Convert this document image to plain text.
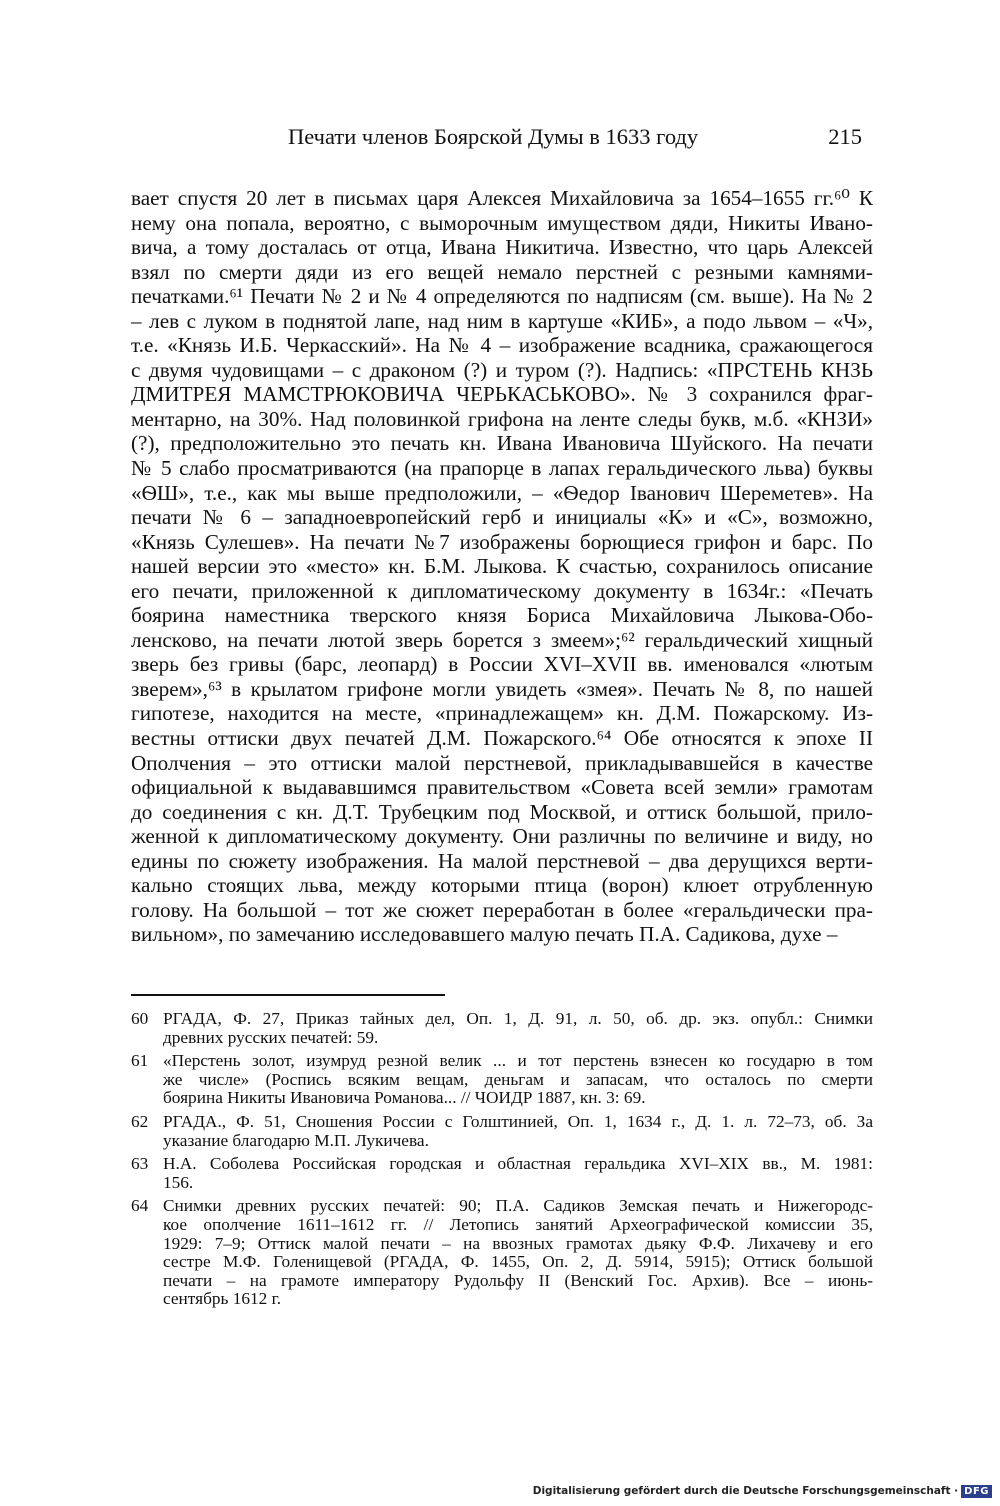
Печати членов Боярской Думы в 1633 году	215
вает спустя 20 лет в письмах царя Алексея Михайловича за 1654–1655 гг.⁶⁰ К
нему она попала, вероятно, с выморочным имуществом дяди, Никиты Ивано-
вича, а тому досталась от отца, Ивана Никитича. Известно, что царь Алексей
взял по смерти дяди из его вещей немало перстней с резными камнями-
печатками.⁶¹ Печати № 2 и № 4 определяются по надписям (см. выше). На № 2
– лев с луком в поднятой лапе, над ним в картуше «КИБ», а подо львом – «Ч»,
т.е. «Князь И.Б. Черкасский». На № 4 – изображение всадника, сражающегося
с двумя чудовищами – с драконом (?) и туром (?). Надпись: «ПРСТЕНЬ КНЗЬ
ДМИТРЕЯ МАМСТРЮКОВИЧА ЧЕРЬКАСЬКОВО». № 3 сохранился фраг-
ментарно, на 30%. Над половинкой грифона на ленте следы букв, м.б. «КНЗИ»
(?), предположительно это печать кн. Ивана Ивановича Шуйского. На печати
№ 5 слабо просматриваются (на прапорце в лапах геральдического льва) буквы
«ѲШ», т.е., как мы выше предположили, – «Ѳедор Іванович Шереметев». На
печати № 6 – западноевропейский герб и инициалы «К» и «С», возможно,
«Князь Сулешев». На печати №7 изображены борющиеся грифон и барс. По
нашей версии это «место» кн. Б.М. Лыкова. К счастью, сохранилось описание
его печати, приложенной к дипломатическому документу в 1634г.: «Печать
боярина наместника тверского князя Бориса Михайловича Лыкова-Обо-
ленсково, на печати лютой зверь борется з змеем»;⁶² геральдический хищный
зверь без гривы (барс, леопард) в России XVI–XVII вв. именовался «лютым
зверем»,⁶³ в крылатом грифоне могли увидеть «змея». Печать № 8, по нашей
гипотезе, находится на месте, «принадлежащем» кн. Д.М. Пожарскому. Из-
вестны оттиски двух печатей Д.М. Пожарского.⁶⁴ Обе относятся к эпохе II
Ополчения – это оттиски малой перстневой, прикладывавшейся в качестве
официальной к выдававшимся правительством «Совета всей земли» грамотам
до соединения с кн. Д.Т. Трубецким под Москвой, и оттиск большой, прило-
женной к дипломатическому документу. Они различны по величине и виду, но
едины по сюжету изображения. На малой перстневой – два дерущихся верти-
кально стоящих льва, между которыми птица (ворон) клюет отрубленную
голову. На большой – тот же сюжет переработан в более «геральдически пра-
вильном», по замечанию исследовавшего малую печать П.А. Садикова, духе –
60 РГАДА, Ф. 27, Приказ тайных дел, Оп. 1, Д. 91, л. 50, об. др. экз. опубл.: Снимки
древних русских печатей: 59.
61 «Перстень золот, изумруд резной велик ... и тот перстень взнесен ко государю в том
же числе» (Роспись всяким вещам, деньгам и запасам, что осталось по смерти
боярина Никиты Ивановича Романова... // ЧОИДР 1887, кн. 3: 69.
62 РГАДА., Ф. 51, Сношения России с Голштинией, Оп. 1, 1634 г., Д. 1. л. 72–73, об. За
указание благодарю М.П. Лукичева.
63 Н.А. Соболева Российская городская и областная геральдика XVI–XIX вв., М. 1981:
156.
64 Снимки древних русских печатей: 90; П.А. Садиков Земская печать и Нижегородс-
кое ополчение 1611–1612 гг. // Летопись занятий Археографической комиссии 35,
1929: 7–9; Оттиск малой печати – на ввозных грамотах дьяку Ф.Ф. Лихачеву и его
сестре М.Ф. Голенищевой (РГАДА, Ф. 1455, Оп. 2, Д. 5914, 5915); Оттиск большой
печати – на грамоте императору Рудольфу II (Венский Гос. Архив). Все – июнь-
сентябрь 1612 г.
Digitalisierung gefördert durch die Deutsche Forschungsgemeinschaft · DFG
